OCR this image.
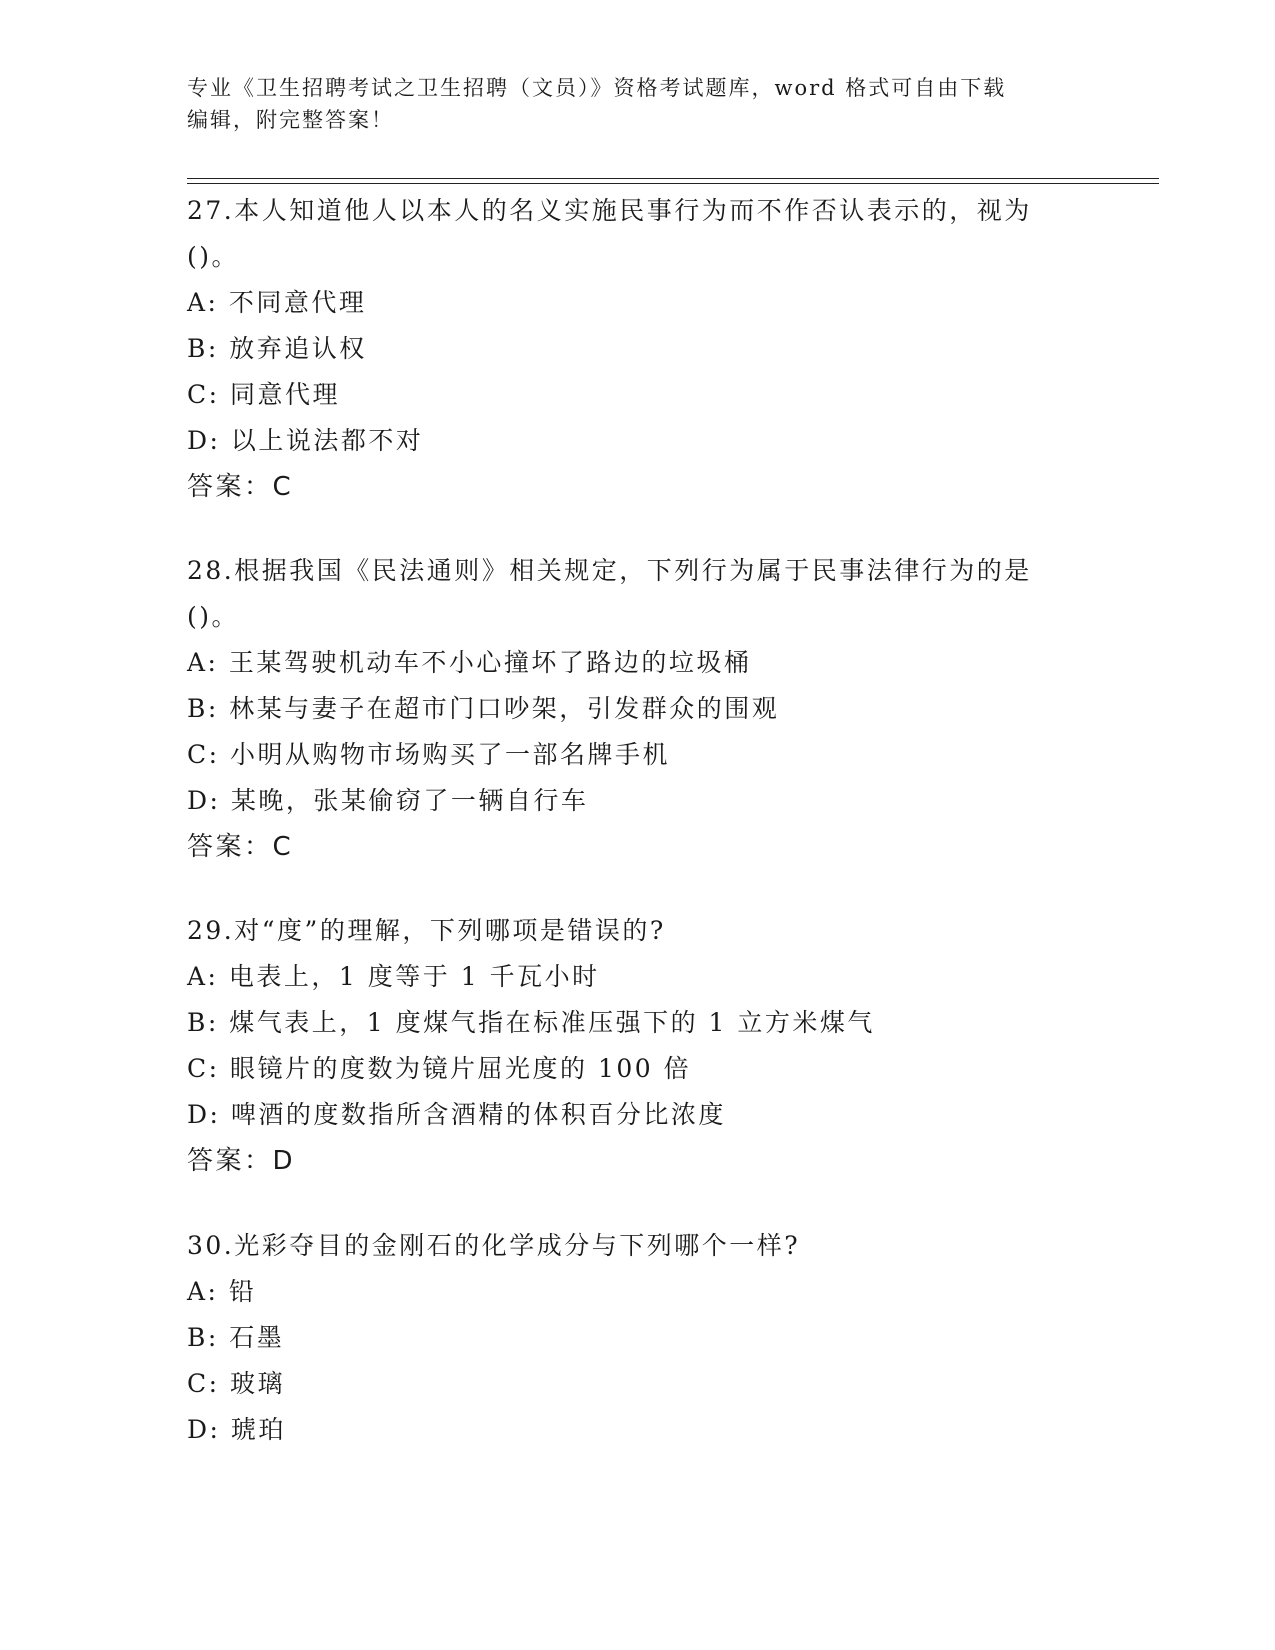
专业《卫生招聘考试之卫生招聘（文员）》资格考试题库，word 格式可自由下载
编辑，附完整答案！
27.本人知道他人以本人的名义实施民事行为而不作否认表示的，视为
()。
A: 不同意代理
B: 放弃追认权
C: 同意代理
D: 以上说法都不对
答案：C
28.根据我国《民法通则》相关规定，下列行为属于民事法律行为的是
()。
A: 王某驾驶机动车不小心撞坏了路边的垃圾桶
B: 林某与妻子在超市门口吵架，引发群众的围观
C: 小明从购物市场购买了一部名牌手机
D: 某晚，张某偷窃了一辆自行车
答案：C
29.对“度”的理解，下列哪项是错误的?
A: 电表上，1 度等于 1 千瓦小时
B: 煤气表上，1 度煤气指在标准压强下的 1 立方米煤气
C: 眼镜片的度数为镜片屈光度的 100 倍
D: 啤酒的度数指所含酒精的体积百分比浓度
答案：D
30.光彩夺目的金刚石的化学成分与下列哪个一样?
A: 铅
B: 石墨
C: 玻璃
D: 琥珀
